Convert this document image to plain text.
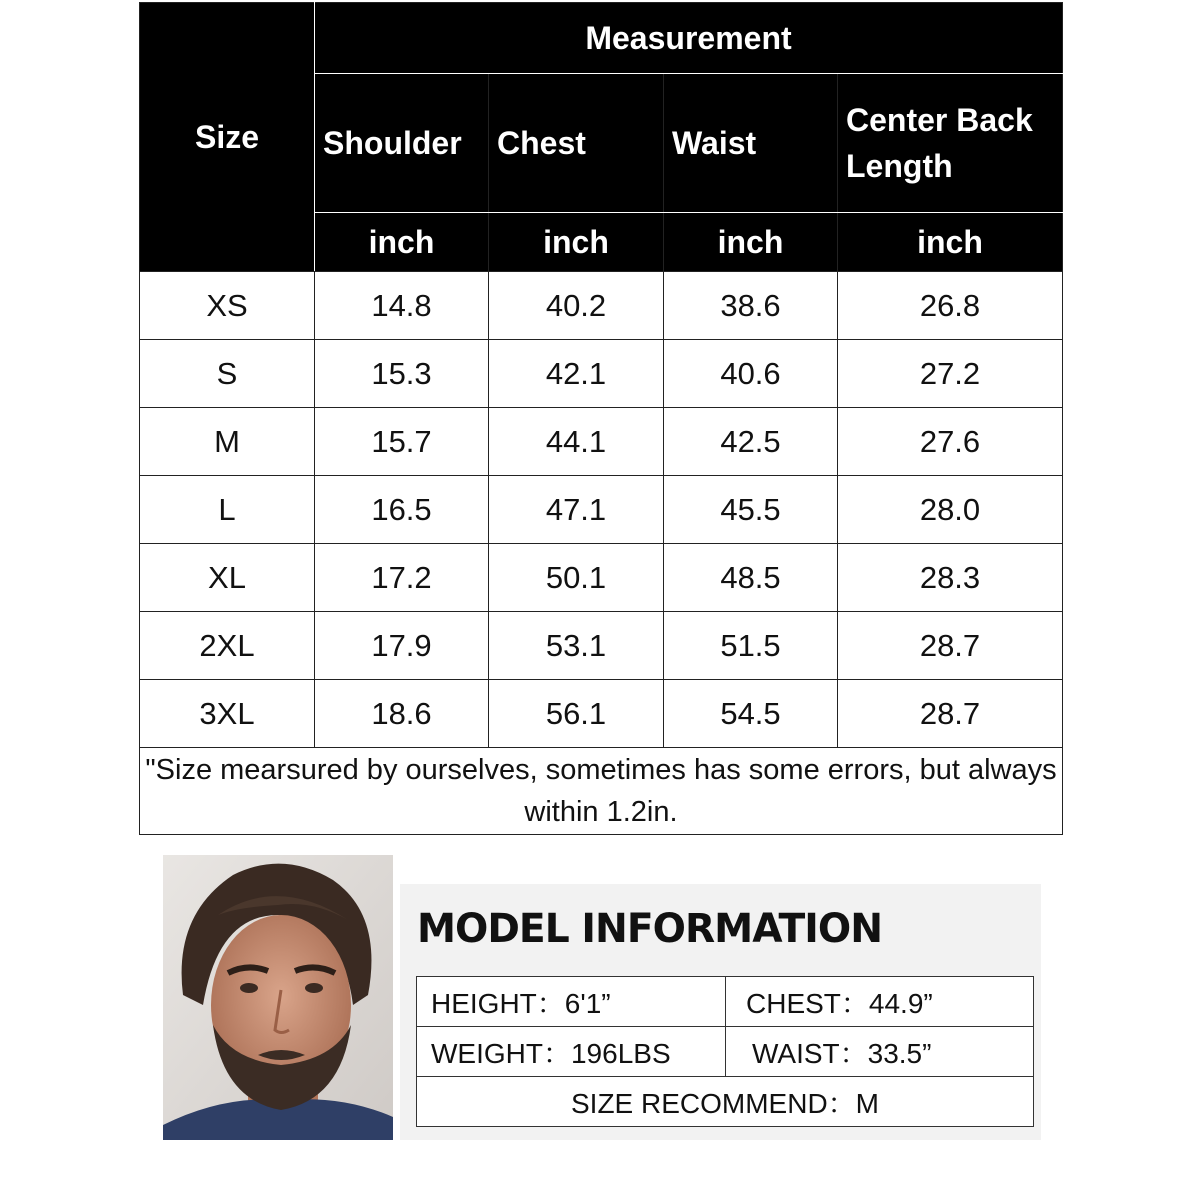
Size	Measurement			
	Shoulder	Chest	Waist	Center Back Length
	inch	inch	inch	inch
XS	14.8	40.2	38.6	26.8
S	15.3	42.1	40.6	27.2
M	15.7	44.1	42.5	27.6
L	16.5	47.1	45.5	28.0
XL	17.2	50.1	48.5	28.3
2XL	17.9	53.1	51.5	28.7
3XL	18.6	56.1	54.5	28.7
"Size mearsured by ourselves, sometimes has some errors, but always within 1.2in.				
MODEL INFORMATION
HEIGHT：6'1”	CHEST：44.9”
WEIGHT：196LBS	WAIST：33.5”
SIZE RECOMMEND：M	
